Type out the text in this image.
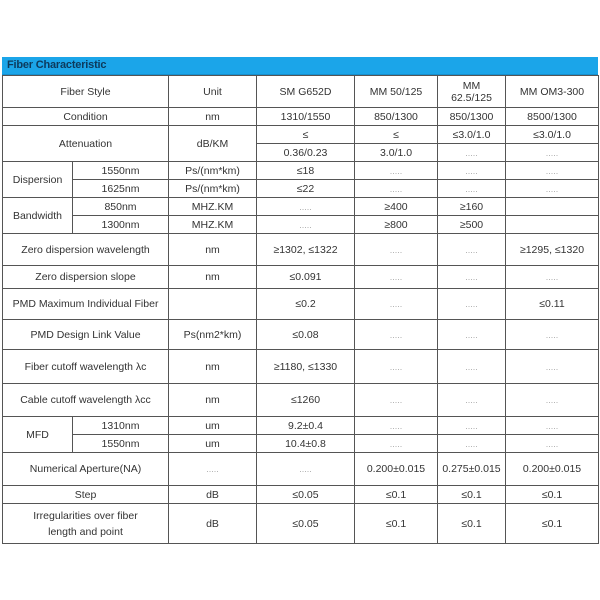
Fiber Characteristic
Fiber Style		Unit	SM G652D	MM 50/125	MM 62.5/125	MM OM3-300
Condition		nm	1310/1550	850/1300	850/1300	8500/1300
Attenuation		dB/KM	≤	≤	≤3.0/1.0	≤3.0/1.0
			0.36/0.23	3.0/1.0	.....	.....
Dispersion	1550nm	Ps/(nm*km)	≤18	.....	.....	.....
	1625nm	Ps/(nm*km)	≤22	.....	.....	.....
Bandwidth	850nm	MHZ.KM	.....	≥400	≥160	
	1300nm	MHZ.KM	.....	≥800	≥500	
Zero dispersion wavelength		nm	≥1302, ≤1322	.....	.....	≥1295, ≤1320
Zero dispersion slope		nm	≤0.091	.....	.....	.....
PMD Maximum Individual Fiber			≤0.2	.....	.....	≤0.11
PMD Design Link Value		Ps(nm2*km)	≤0.08	.....	.....	.....
Fiber cutoff wavelength λc		nm	≥1180, ≤1330	.....	.....	.....
Cable cutoff wavelength λcc		nm	≤1260	.....	.....	.....
MFD	1310nm	um	9.2±0.4	.....	.....	.....
	1550nm	um	10.4±0.8	.....	.....	.....
Numerical Aperture(NA)		.....	.....	0.200±0.015	0.275±0.015	0.200±0.015
Step		dB	≤0.05	≤0.1	≤0.1	≤0.1
Irregularities over fiber length and point		dB	≤0.05	≤0.1	≤0.1	≤0.1
